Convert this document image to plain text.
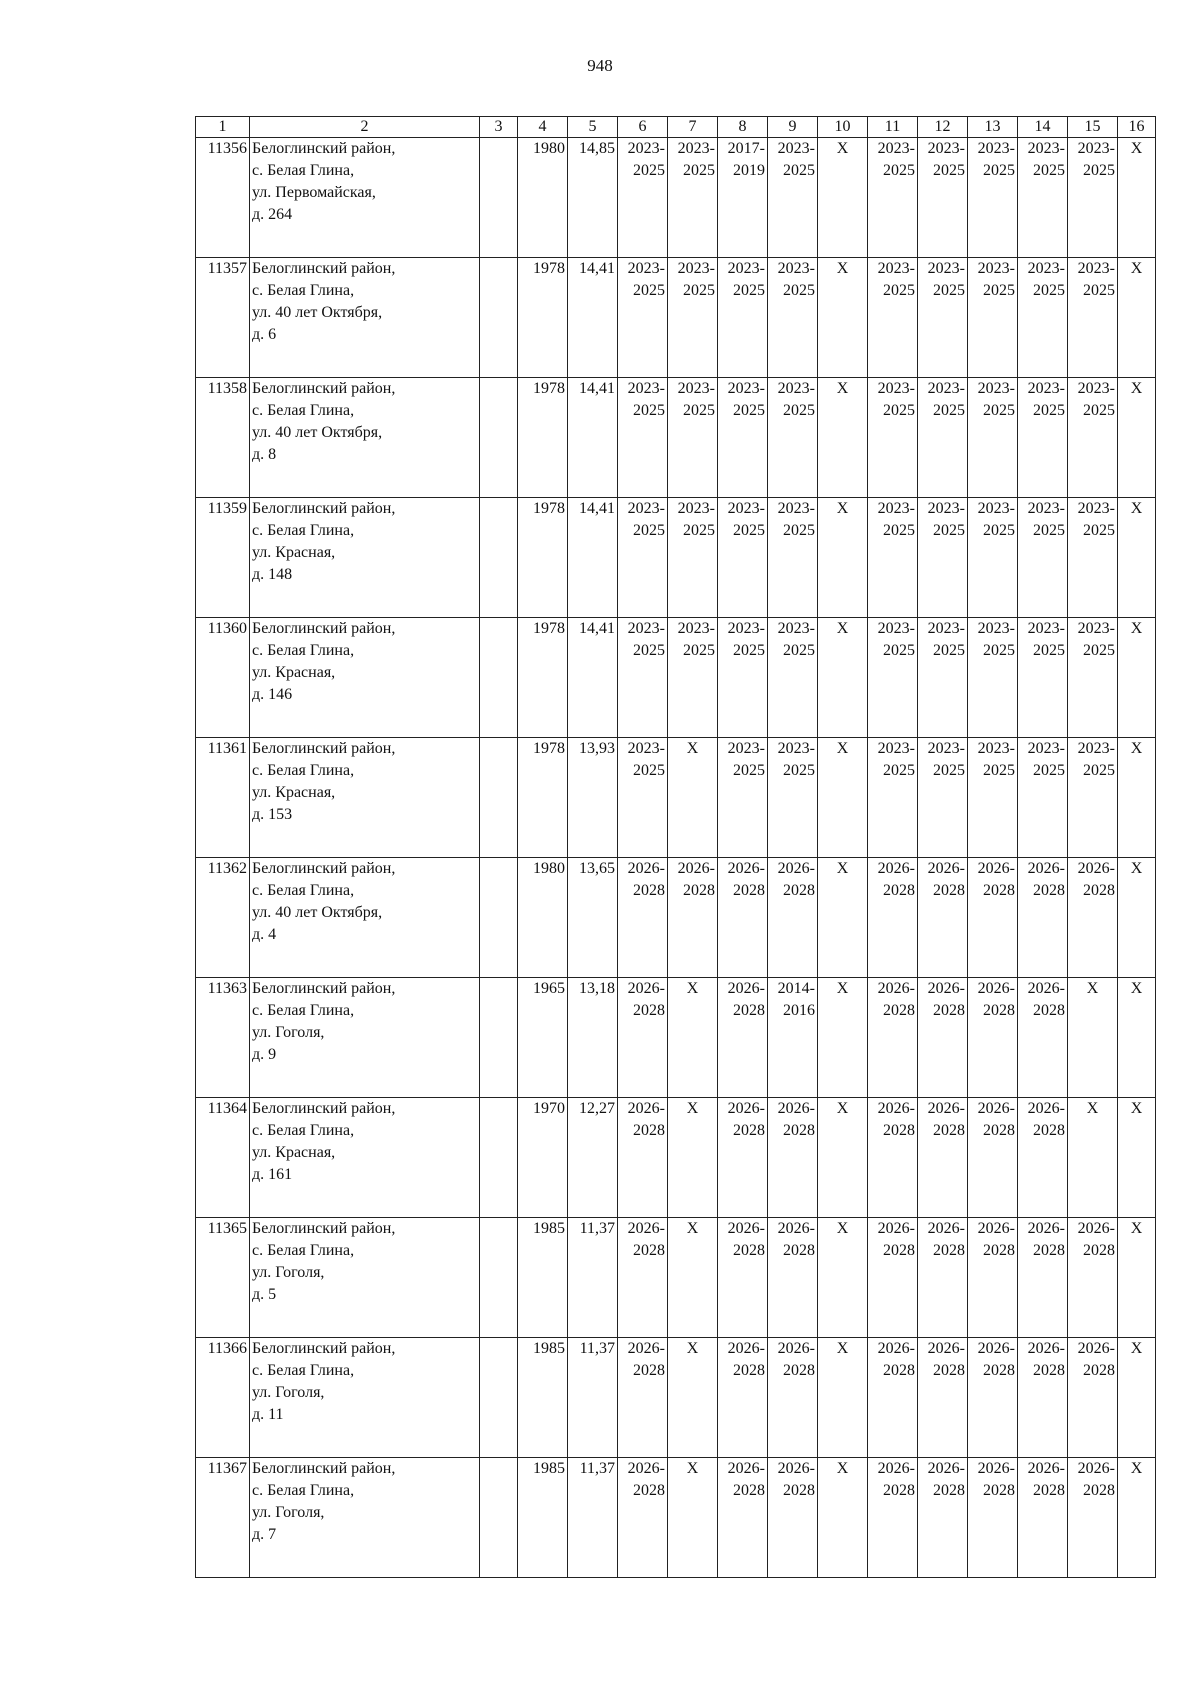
948
1	2	3	4	5	6	7	8	9	10	11	12	13	14	15	16
11356	Белоглинский район,
с. Белая Глина,
ул. Первомайская,
д. 264		1980	14,85	2023-
2025	2023-
2025	2017-
2019	2023-
2025	X	2023-
2025	2023-
2025	2023-
2025	2023-
2025	2023-
2025	X
11357	Белоглинский район,
с. Белая Глина,
ул. 40 лет Октября,
д. 6		1978	14,41	2023-
2025	2023-
2025	2023-
2025	2023-
2025	X	2023-
2025	2023-
2025	2023-
2025	2023-
2025	2023-
2025	X
11358	Белоглинский район,
с. Белая Глина,
ул. 40 лет Октября,
д. 8		1978	14,41	2023-
2025	2023-
2025	2023-
2025	2023-
2025	X	2023-
2025	2023-
2025	2023-
2025	2023-
2025	2023-
2025	X
11359	Белоглинский район,
с. Белая Глина,
ул. Красная,
д. 148		1978	14,41	2023-
2025	2023-
2025	2023-
2025	2023-
2025	X	2023-
2025	2023-
2025	2023-
2025	2023-
2025	2023-
2025	X
11360	Белоглинский район,
с. Белая Глина,
ул. Красная,
д. 146		1978	14,41	2023-
2025	2023-
2025	2023-
2025	2023-
2025	X	2023-
2025	2023-
2025	2023-
2025	2023-
2025	2023-
2025	X
11361	Белоглинский район,
с. Белая Глина,
ул. Красная,
д. 153		1978	13,93	2023-
2025	X	2023-
2025	2023-
2025	X	2023-
2025	2023-
2025	2023-
2025	2023-
2025	2023-
2025	X
11362	Белоглинский район,
с. Белая Глина,
ул. 40 лет Октября,
д. 4		1980	13,65	2026-
2028	2026-
2028	2026-
2028	2026-
2028	X	2026-
2028	2026-
2028	2026-
2028	2026-
2028	2026-
2028	X
11363	Белоглинский район,
с. Белая Глина,
ул. Гоголя,
д. 9		1965	13,18	2026-
2028	X	2026-
2028	2014-
2016	X	2026-
2028	2026-
2028	2026-
2028	2026-
2028	X	X
11364	Белоглинский район,
с. Белая Глина,
ул. Красная,
д. 161		1970	12,27	2026-
2028	X	2026-
2028	2026-
2028	X	2026-
2028	2026-
2028	2026-
2028	2026-
2028	X	X
11365	Белоглинский район,
с. Белая Глина,
ул. Гоголя,
д. 5		1985	11,37	2026-
2028	X	2026-
2028	2026-
2028	X	2026-
2028	2026-
2028	2026-
2028	2026-
2028	2026-
2028	X
11366	Белоглинский район,
с. Белая Глина,
ул. Гоголя,
д. 11		1985	11,37	2026-
2028	X	2026-
2028	2026-
2028	X	2026-
2028	2026-
2028	2026-
2028	2026-
2028	2026-
2028	X
11367	Белоглинский район,
с. Белая Глина,
ул. Гоголя,
д. 7		1985	11,37	2026-
2028	X	2026-
2028	2026-
2028	X	2026-
2028	2026-
2028	2026-
2028	2026-
2028	2026-
2028	X
